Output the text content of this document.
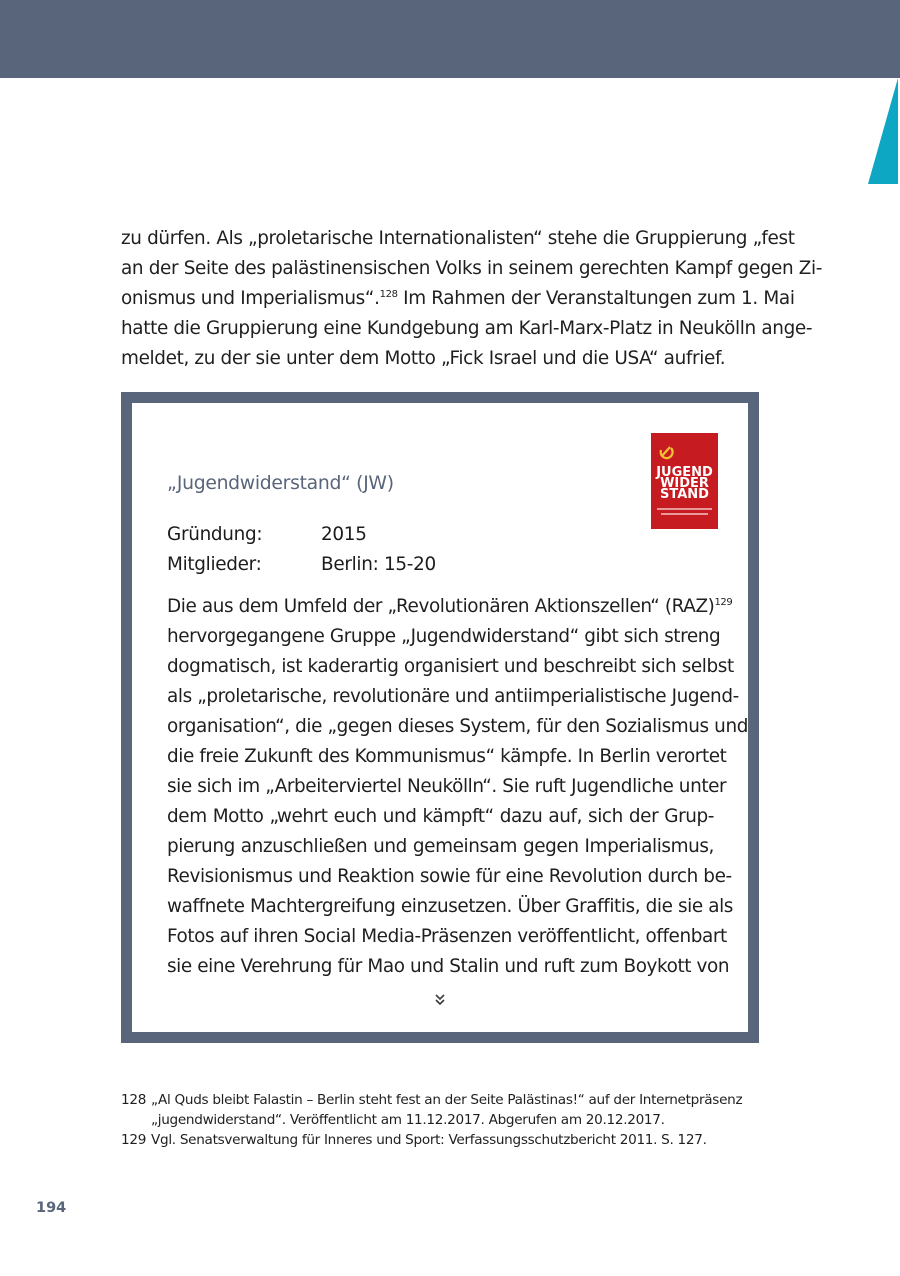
zu dürfen. Als „proletarische Internationalisten“ stehe die Gruppierung „fest
an der Seite des palästinensischen Volks in seinem gerechten Kampf gegen Zi-
onismus und Imperialismus“.$^{128}$ Im Rahmen der Veranstaltungen zum 1. Mai
hatte die Gruppierung eine Kundgebung am Karl-Marx-Platz in Neukölln ange-
meldet, zu der sie unter dem Motto „Fick Israel und die USA“ aufrief.
„Jugendwiderstand“ (JW)
JUGEND
WIDER
STAND
Gründung:	2015
Mitglieder:	Berlin: 15-20
Die aus dem Umfeld der „Revolutionären Aktionszellen“ (RAZ)$^{129}$
hervorgegangene Gruppe „Jugendwiderstand“ gibt sich streng
dogmatisch, ist kaderartig organisiert und beschreibt sich selbst
als „proletarische, revolutionäre und antiimperialistische Jugend-
organisation“, die „gegen dieses System, für den Sozialismus und
die freie Zukunft des Kommunismus“ kämpfe. In Berlin verortet
sie sich im „Arbeiterviertel Neukölln“. Sie ruft Jugendliche unter
dem Motto „wehrt euch und kämpft“ dazu auf, sich der Grup-
pierung anzuschließen und gemeinsam gegen Imperialismus,
Revisionismus und Reaktion sowie für eine Revolution durch be-
waffnete Machtergreifung einzusetzen. Über Graffitis, die sie als
Fotos auf ihren Social Media-Präsenzen veröffentlicht, offenbart
sie eine Verehrung für Mao und Stalin und ruft zum Boykott von
128 „Al Quds bleibt Falastin – Berlin steht fest an der Seite Palästinas!“ auf der Internetpräsenz
„jugendwiderstand“. Veröffentlicht am 11.12.2017. Abgerufen am 20.12.2017.
129 Vgl. Senatsverwaltung für Inneres und Sport: Verfassungsschutzbericht 2011. S. 127.
194
